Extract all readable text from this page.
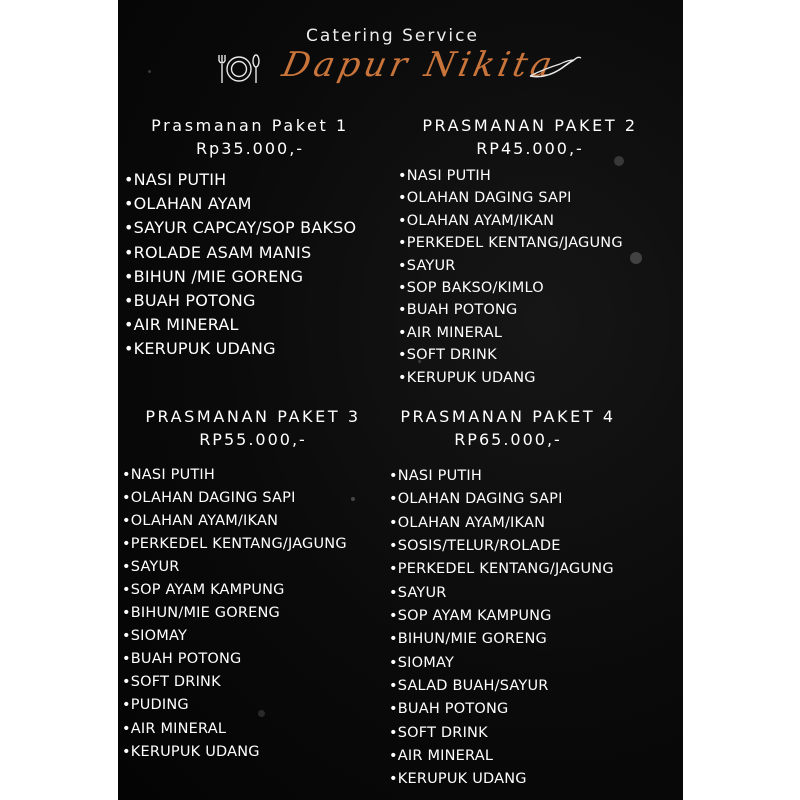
Catering Service
Dapur Nikita
Prasmanan Paket 1
Rp35.000,-
• NASI PUTIH
• OLAHAN AYAM
• SAYUR CAPCAY/SOP BAKSO
• ROLADE ASAM MANIS
• BIHUN /MIE GORENG
• BUAH POTONG
• AIR MINERAL
• KERUPUK UDANG
PRASMANAN PAKET 2
RP45.000,-
• NASI PUTIH
• OLAHAN DAGING SAPI
• OLAHAN AYAM/IKAN
• PERKEDEL KENTANG/JAGUNG
• SAYUR
• SOP BAKSO/KIMLO
• BUAH POTONG
• AIR MINERAL
• SOFT DRINK
• KERUPUK UDANG
PRASMANAN PAKET 3
RP55.000,-
• NASI PUTIH
• OLAHAN DAGING SAPI
• OLAHAN AYAM/IKAN
• PERKEDEL KENTANG/JAGUNG
• SAYUR
• SOP AYAM KAMPUNG
• BIHUN/MIE GORENG
• SIOMAY
• BUAH POTONG
• SOFT DRINK
• PUDING
• AIR MINERAL
• KERUPUK UDANG
PRASMANAN PAKET 4
RP65.000,-
• NASI PUTIH
• OLAHAN DAGING SAPI
• OLAHAN AYAM/IKAN
• SOSIS/TELUR/ROLADE
• PERKEDEL KENTANG/JAGUNG
• SAYUR
• SOP AYAM KAMPUNG
• BIHUN/MIE GORENG
• SIOMAY
• SALAD BUAH/SAYUR
• BUAH POTONG
• SOFT DRINK
• AIR MINERAL
• KERUPUK UDANG
